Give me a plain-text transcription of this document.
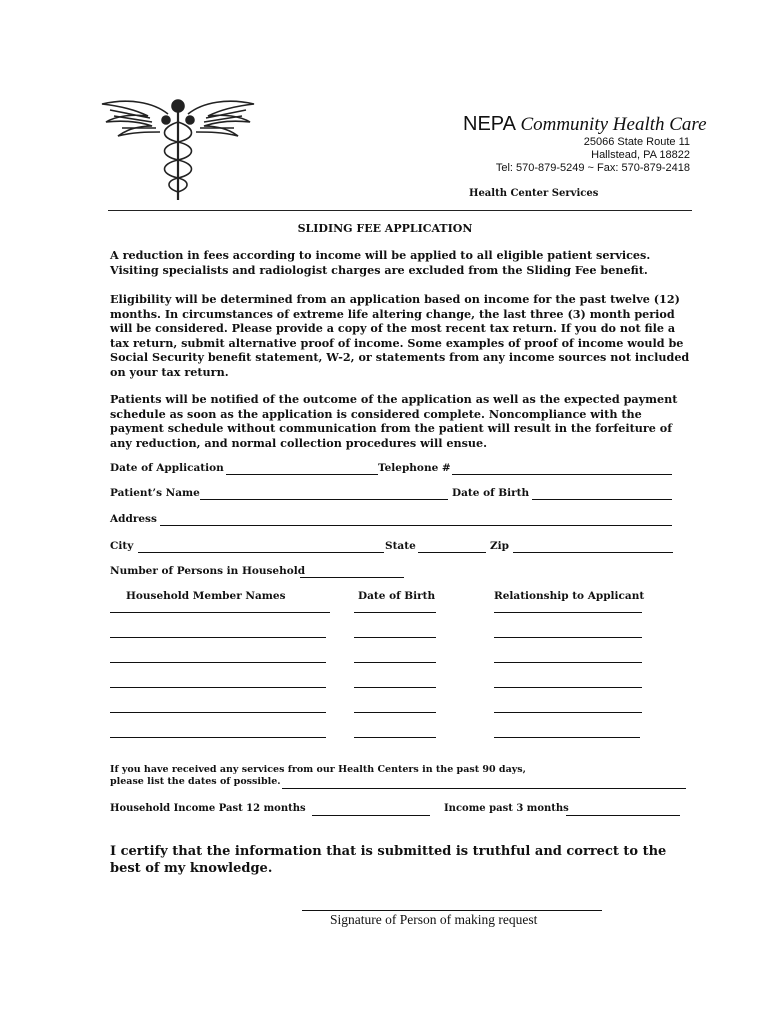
NEPA Community Health Care
25066 State Route 11
Hallstead, PA 18822
Tel: 570-879-5249 ~ Fax: 570-879-2418
Health Center Services
SLIDING FEE APPLICATION
A reduction in fees according to income will be applied to all eligible patient services. Visiting specialists and radiologist charges are excluded from the Sliding Fee benefit.
Eligibility will be determined from an application based on income for the past twelve (12) months. In circumstances of extreme life altering change, the last three (3) month period will be considered. Please provide a copy of the most recent tax return. If you do not file a tax return, submit alternative proof of income. Some examples of proof of income would be Social Security benefit statement, W-2, or statements from any income sources not included on your tax return.
Patients will be notified of the outcome of the application as well as the expected payment schedule as soon as the application is considered complete. Noncompliance with the payment schedule without communication from the patient will result in the forfeiture of any reduction, and normal collection procedures will ensue.
Date of Application	Telephone #
Patient’s Name	Date of Birth
Address
City	State	Zip
Number of Persons in Household
Household Member Names	Date of Birth	Relationship to Applicant
If you have received any services from our Health Centers in the past 90 days,
please list the dates of possible.
Household Income Past 12 months	Income past 3 months
I certify that the information that is submitted is truthful and correct to the best of my knowledge.
Signature of Person of making request
